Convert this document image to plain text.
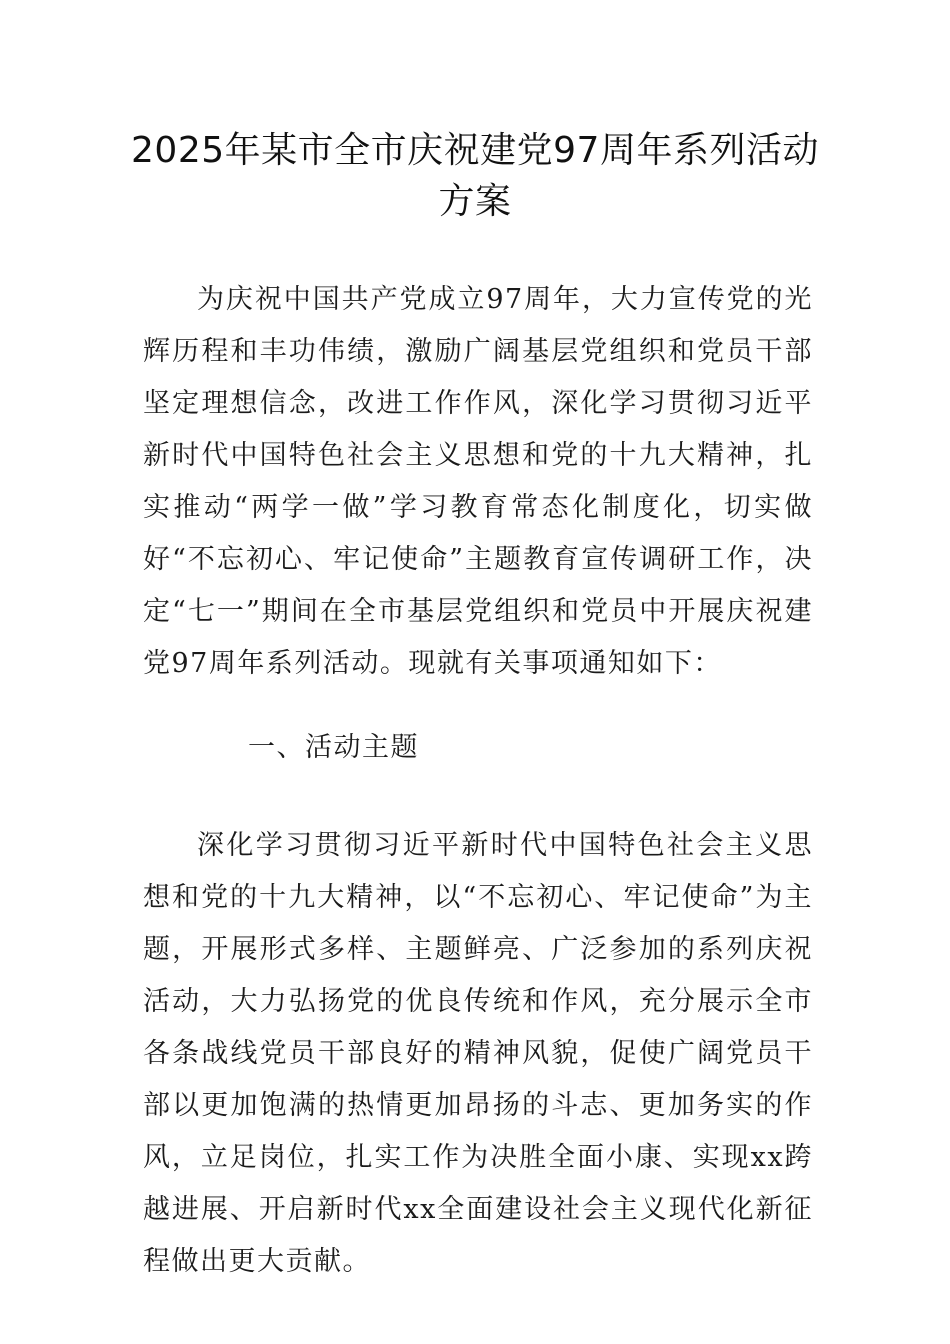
2025年某市全市庆祝建党97周年系列活动
方案

为庆祝中国共产党成立97周年，大力宣传党的光辉历程和丰功伟绩，激励广阔基层党组织和党员干部坚定理想信念，改进工作作风，深化学习贯彻习近平新时代中国特色社会主义思想和党的十九大精神，扎实推动“两学一做”学习教育常态化制度化，切实做好“不忘初心、牢记使命”主题教育宣传调研工作，决定“七一”期间在全市基层党组织和党员中开展庆祝建党97周年系列活动。现就有关事项通知如下：

一、活动主题

深化学习贯彻习近平新时代中国特色社会主义思想和党的十九大精神，以“不忘初心、牢记使命”为主题，开展形式多样、主题鲜亮、广泛参加的系列庆祝活动，大力弘扬党的优良传统和作风，充分展示全市各条战线党员干部良好的精神风貌，促使广阔党员干部以更加饱满的热情更加昂扬的斗志、更加务实的作风，立足岗位，扎实工作为决胜全面小康、实现xx跨越进展、开启新时代xx全面建设社会主义现代化新征程做出更大贡献。
